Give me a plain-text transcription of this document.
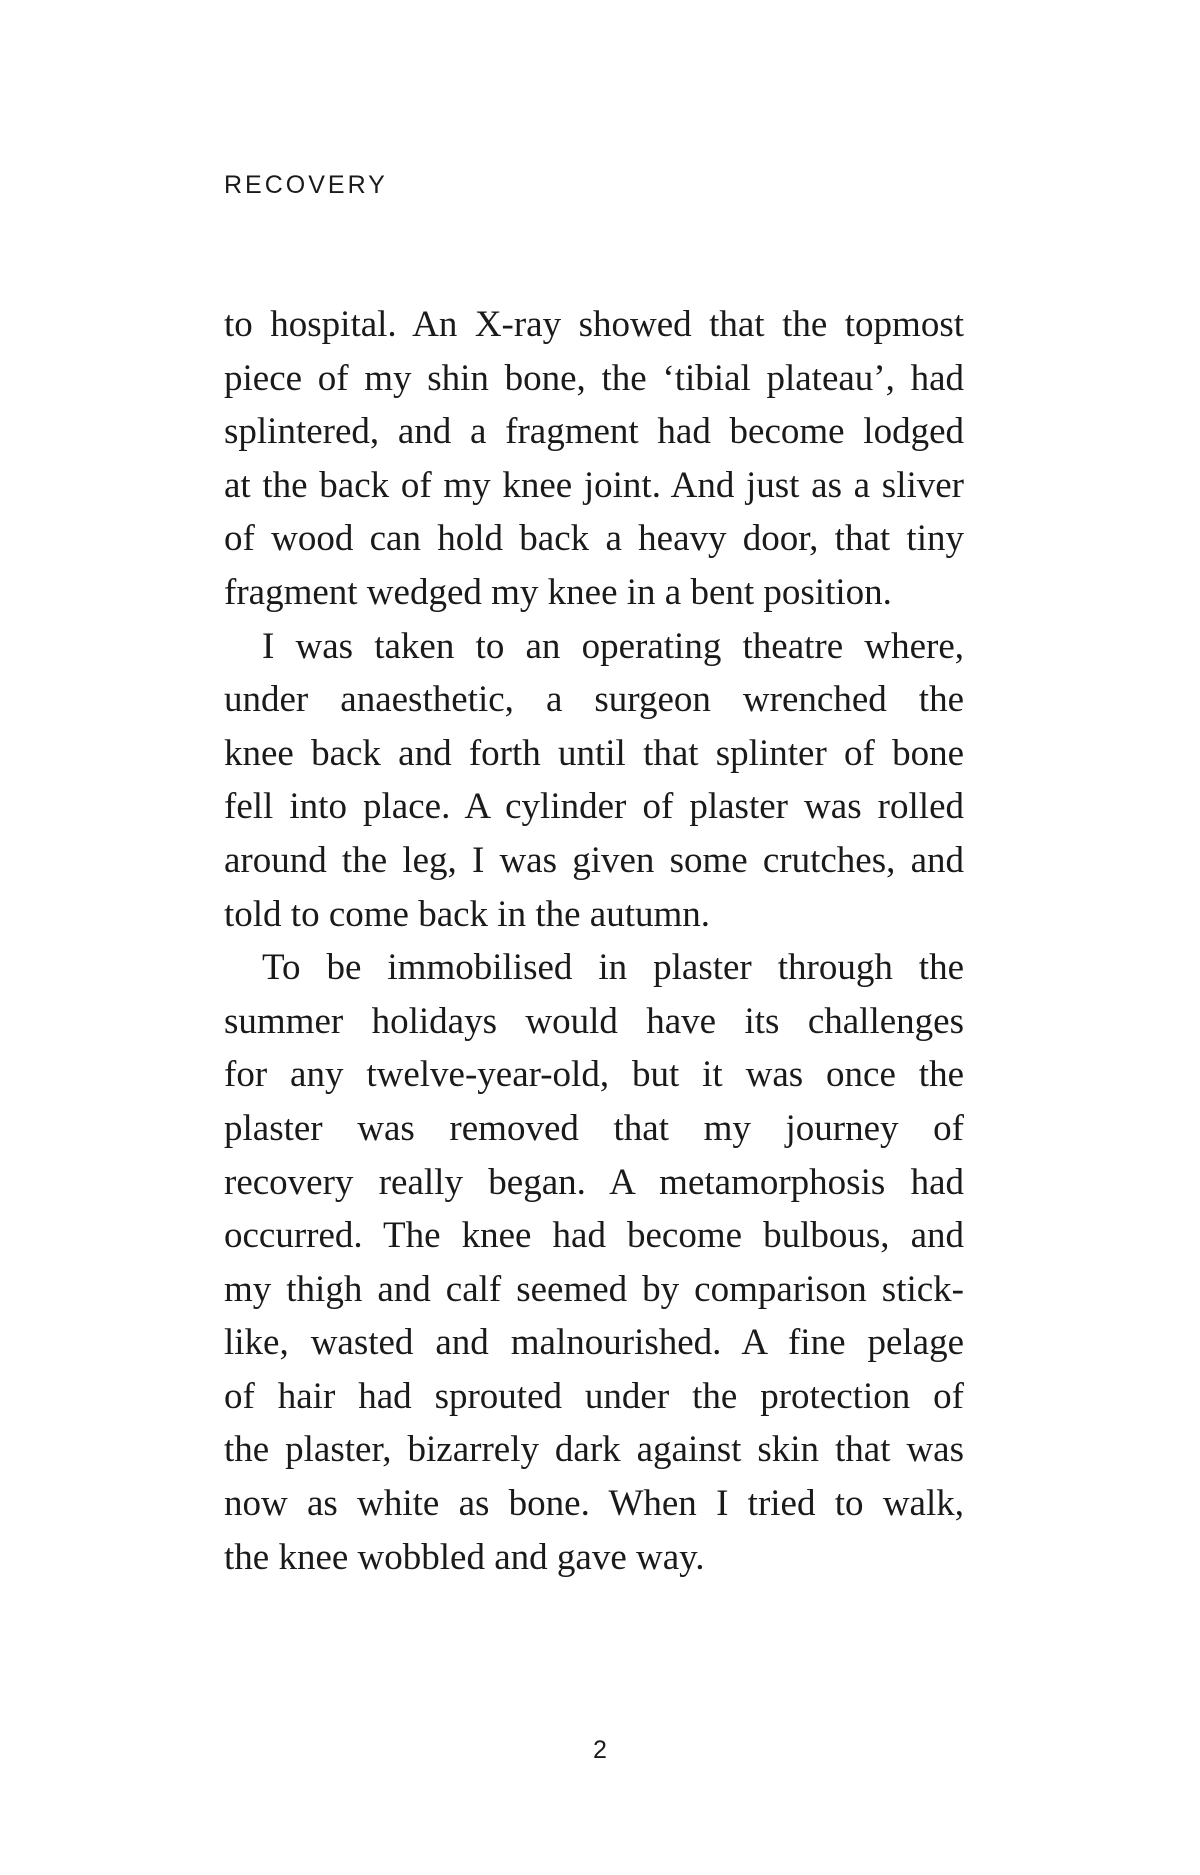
RECOVERY
to hospital. An X-ray showed that the topmost
piece of my shin bone, the ‘tibial plateau’, had
splintered, and a fragment had become lodged
at the back of my knee joint. And just as a sliver
of wood can hold back a heavy door, that tiny
fragment wedged my knee in a bent position.
I was taken to an operating theatre where,
under anaesthetic, a surgeon wrenched the
knee back and forth until that splinter of bone
fell into place. A cylinder of plaster was rolled
around the leg, I was given some crutches, and
told to come back in the autumn.
To be immobilised in plaster through the
summer holidays would have its challenges
for any twelve-year-old, but it was once the
plaster was removed that my journey of
recovery really began. A metamorphosis had
occurred. The knee had become bulbous, and
my thigh and calf seemed by comparison stick-
like, wasted and malnourished. A fine pelage
of hair had sprouted under the protection of
the plaster, bizarrely dark against skin that was
now as white as bone. When I tried to walk,
the knee wobbled and gave way.
2
